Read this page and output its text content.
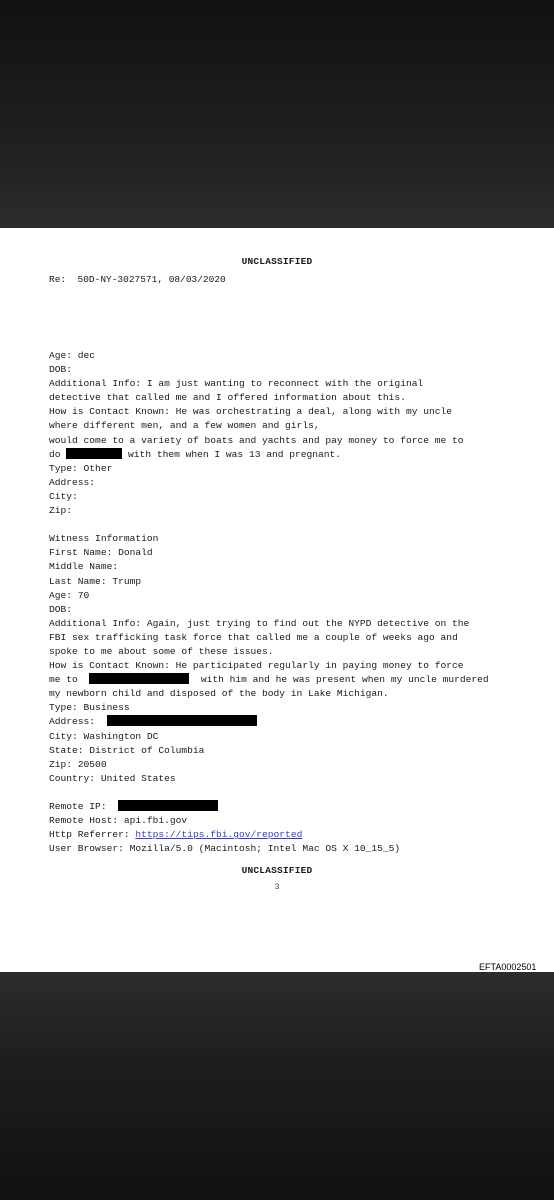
UNCLASSIFIED
Re: 50D-NY-3027571, 08/03/2020
Age: dec
DOB:
Additional Info: I am just wanting to reconnect with the original
detective that called me and I offered information about this.
How is Contact Known: He was orchestrating a deal, along with my uncle
where different men, and a few women and girls,
would come to a variety of boats and yachts and pay money to force me to
do	with them when I was 13 and pregnant.
Type: Other
Address:
City:
Zip:
Witness Information
First Name: Donald
Middle Name:
Last Name: Trump
Age: 70
DOB:
Additional Info: Again, just trying to find out the NYPD detective on the
FBI sex trafficking task force that called me a couple of weeks ago and
spoke to me about some of these issues.
How is Contact Known: He participated regularly in paying money to force
me to	with him and he was present when my uncle murdered
my newborn child and disposed of the body in Lake Michigan.
Type: Business
Address:
City: Washington DC
State: District of Columbia
Zip: 20500
Country: United States
Remote IP:
Remote Host: api.fbi.gov
Http Referrer: https://tips.fbi.gov/reported
User Browser: Mozilla/5.0 (Macintosh; Intel Mac OS X 10_15_5)
UNCLASSIFIED
3
EFTA0002501
